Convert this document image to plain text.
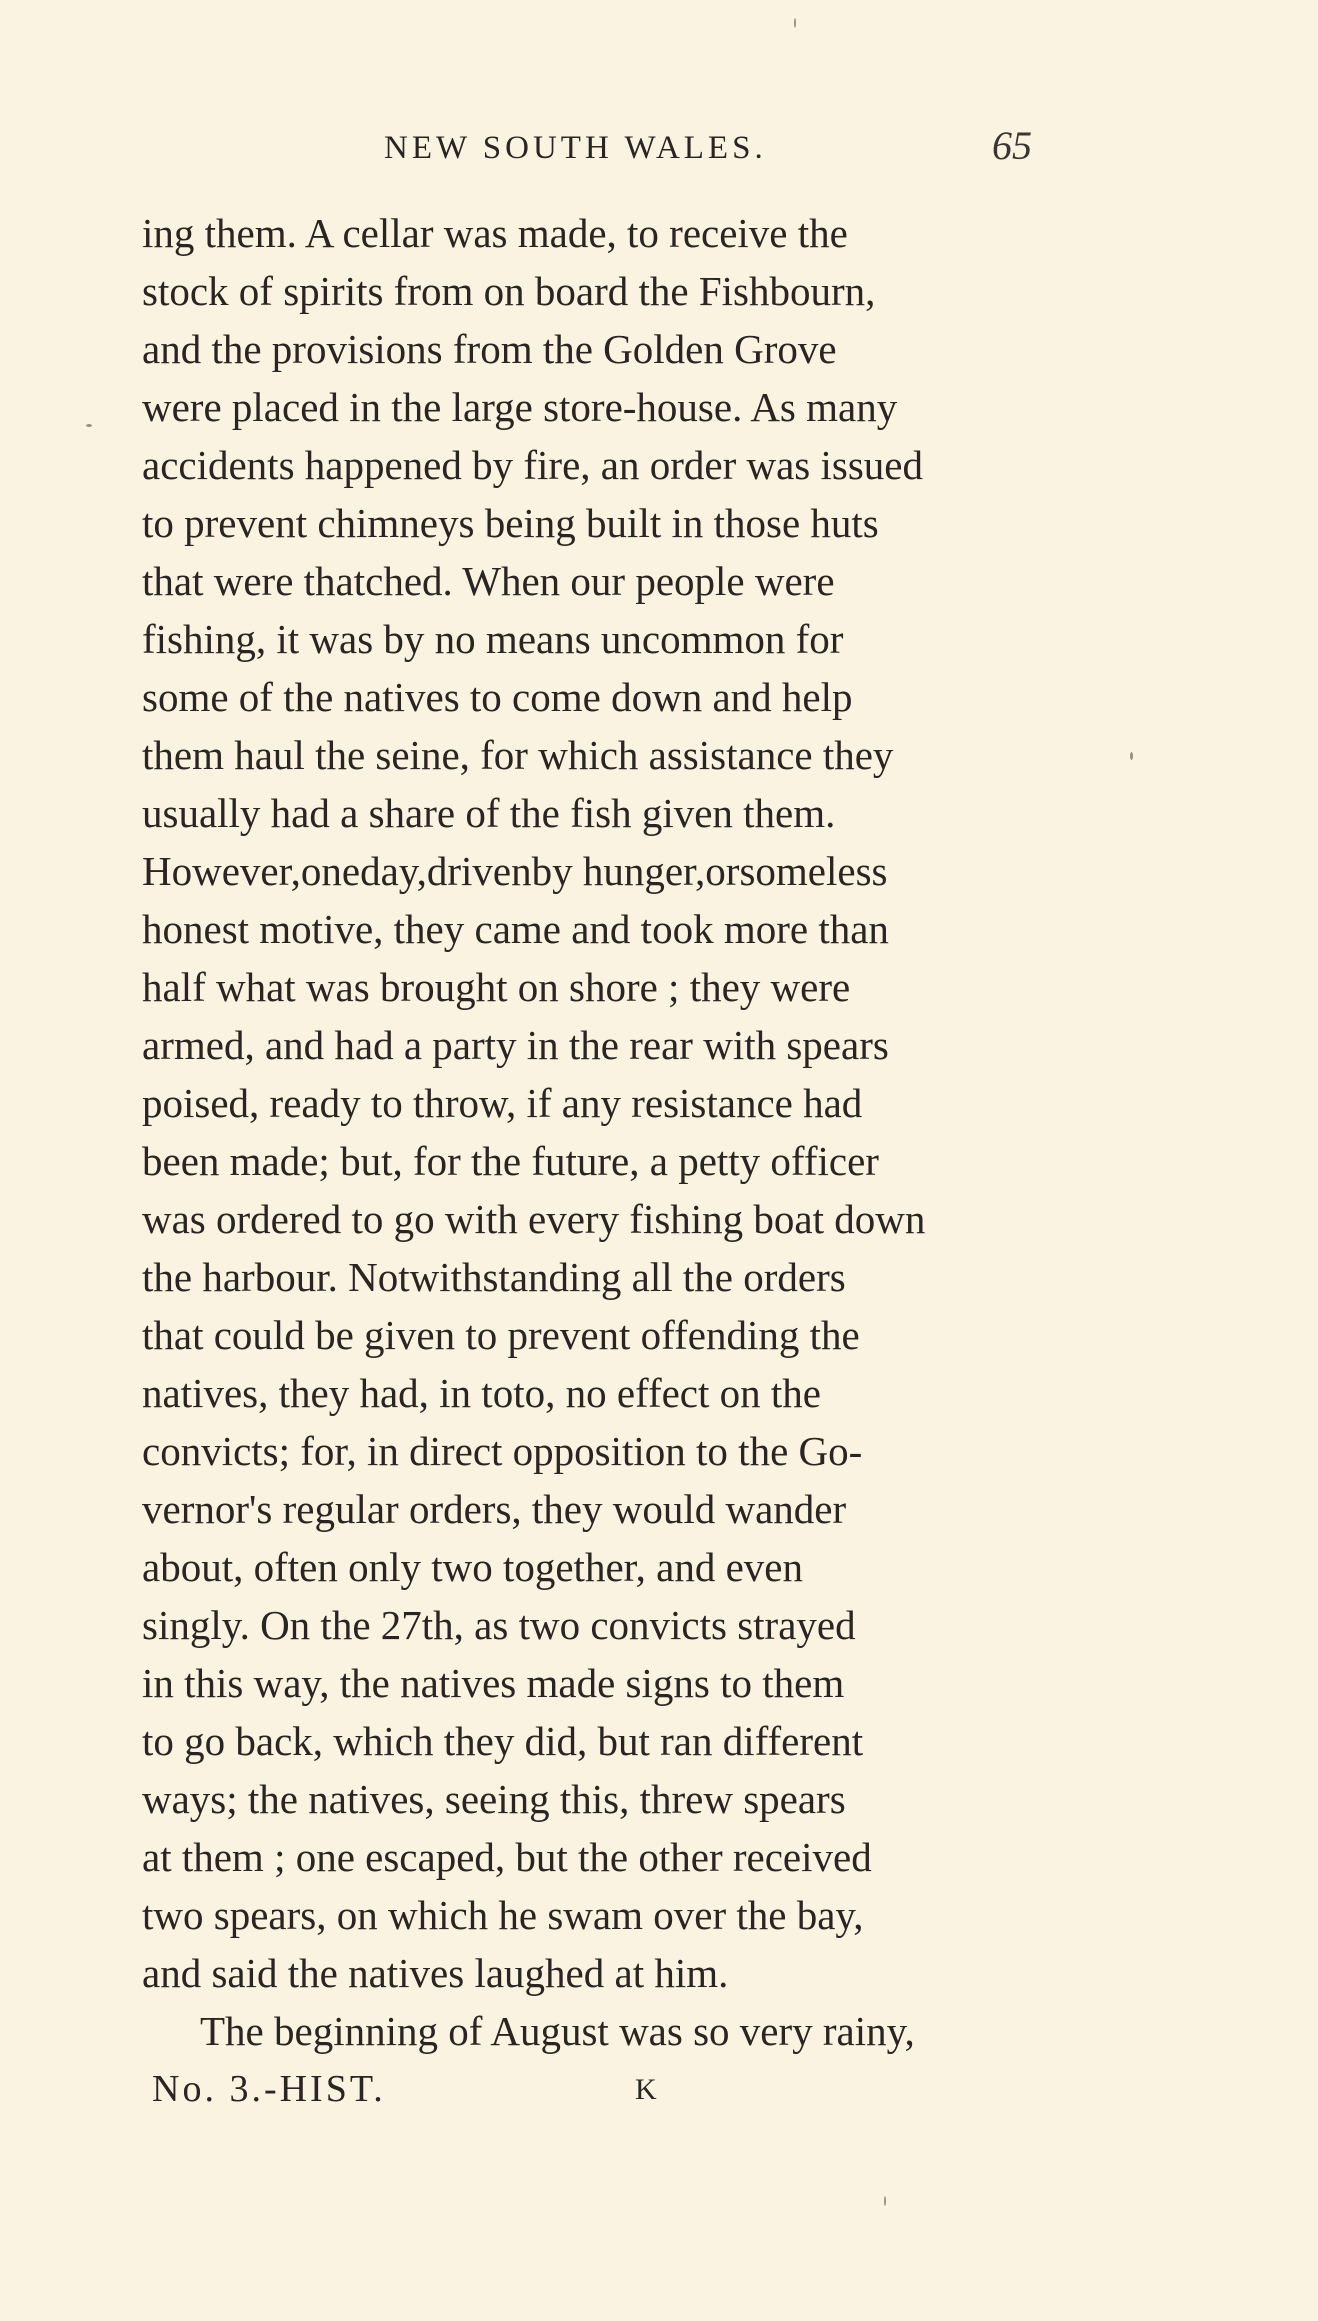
NEW SOUTH WALES.	65
ing them. A cellar was made, to receive the
stock of spirits from on board the Fishbourn,
and the provisions from the Golden Grove
were placed in the large store-house. As many
accidents happened by fire, an order was issued
to prevent chimneys being built in those huts
that were thatched. When our people were
fishing, it was by no means uncommon for
some of the natives to come down and help
them haul the seine, for which assistance they
usually had a share of the fish given them.
However,oneday,drivenby hunger,orsomeless
honest motive, they came and took more than
half what was brought on shore ; they were
armed, and had a party in the rear with spears
poised, ready to throw, if any resistance had
been made; but, for the future, a petty officer
was ordered to go with every fishing boat down
the harbour. Notwithstanding all the orders
that could be given to prevent offending the
natives, they had, in toto, no effect on the
convicts; for, in direct opposition to the Go-
vernor's regular orders, they would wander
about, often only two together, and even
singly. On the 27th, as two convicts strayed
in this way, the natives made signs to them
to go back, which they did, but ran different
ways; the natives, seeing this, threw spears
at them ; one escaped, but the other received
two spears, on which he swam over the bay,
and said the natives laughed at him.
The beginning of August was so very rainy,
No. 3.-HIST.	K
